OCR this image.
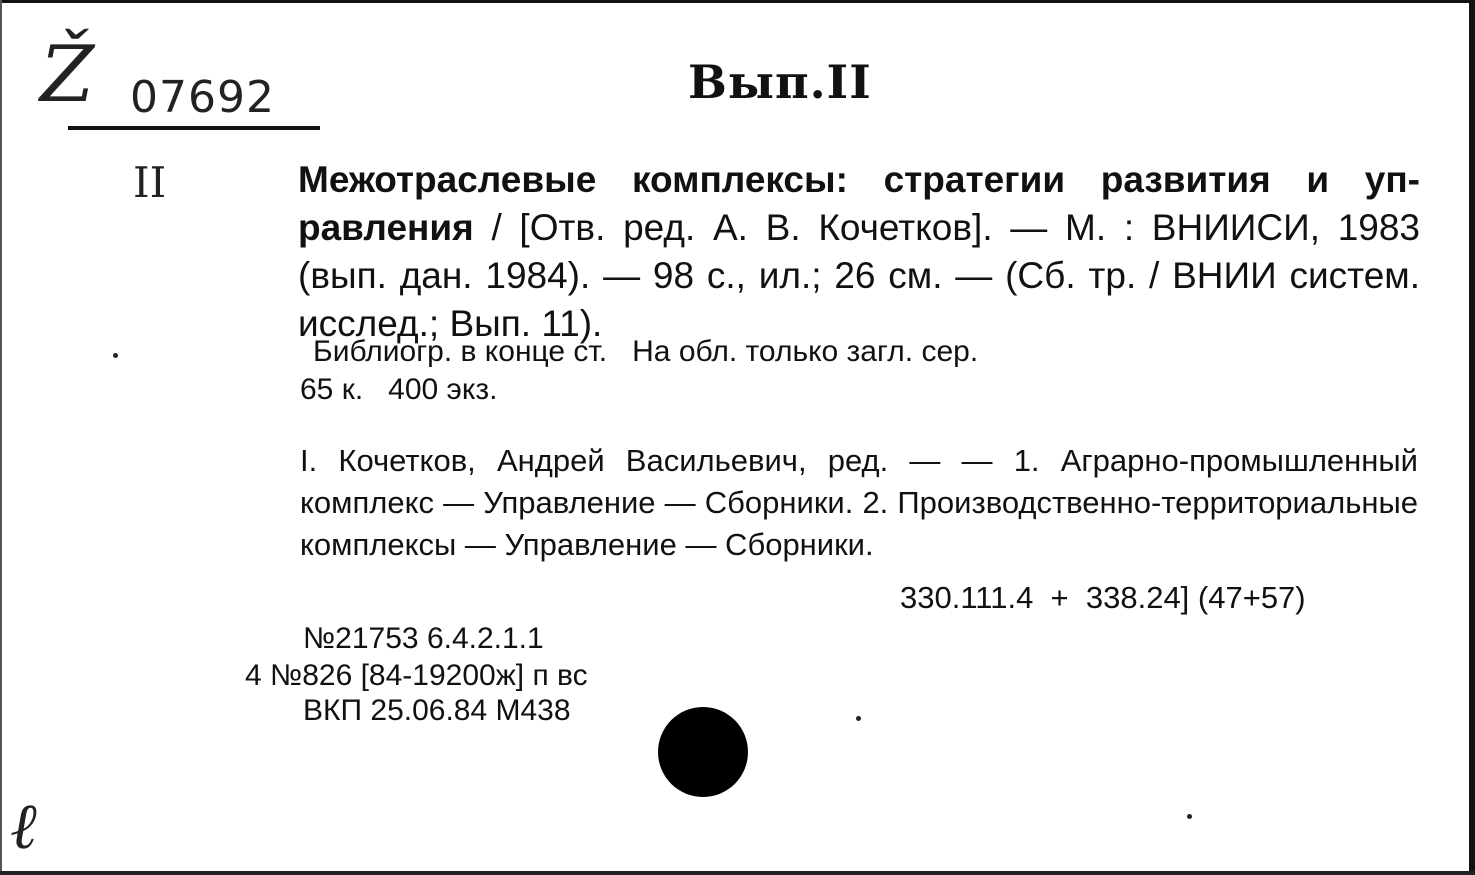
Ž 07692	Вып.II
II	Межотраслевые комплексы: стратегии развития и уп-равления / [Отв. ред. А. В. Кочетков]. — М. : ВНИИСИ, 1983 (вып. дан. 1984). — 98 с., ил.; 26 см. — (Сб. тр. / ВНИИ систем. исслед.; Вып. 11).
Библиогр. в конце ст.   На обл. только загл. сер.
65 к.   400 экз.
I. Кочетков, Андрей Васильевич, ред. — — 1. Аграрно-промышленный комплекс — Управление — Сборники. 2. Производственно-территориальные комплексы — Управление — Сборники.
330.111.4  +  338.24] (47+57)
№21753 6.4.2.1.1
4 №826 [84-19200ж] п вс
ВКП 25.06.84 М438
ℓ
